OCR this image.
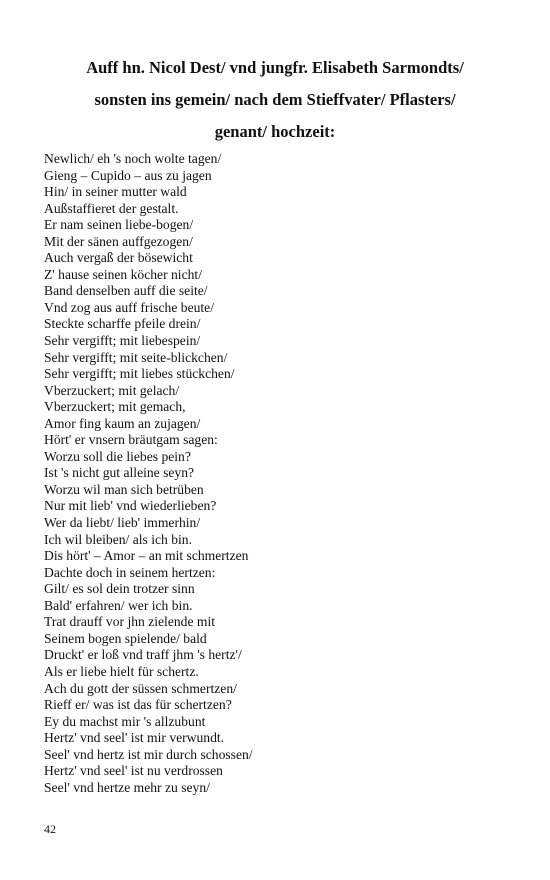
Auff hn. Nicol Dest/ vnd jungfr. Elisabeth Sarmondts/
sonsten ins gemein/ nach dem Stieffvater/ Pflasters/
genant/ hochzeit:
Newlich/ eh 's noch wolte tagen/
Gieng – Cupido – aus zu jagen
Hin/ in seiner mutter wald
Außstaffieret der gestalt.
Er nam seinen liebe-bogen/
Mit der sänen auffgezogen/
Auch vergaß der bösewicht
Z' hause seinen köcher nicht/
Band denselben auff die seite/
Vnd zog aus auff frische beute/
Steckte scharffe pfeile drein/
Sehr vergifft; mit liebespein/
Sehr vergifft; mit seite-blickchen/
Sehr vergifft; mit liebes stückchen/
Vberzuckert; mit gelach/
Vberzuckert; mit gemach,
Amor fing kaum an zujagen/
Hört' er vnsern bräutgam sagen:
Worzu soll die liebes pein?
Ist 's nicht gut alleine seyn?
Worzu wil man sich betrüben
Nur mit lieb' vnd wiederlieben?
Wer da liebt/ lieb' immerhin/
Ich wil bleiben/ als ich bin.
Dis hört' – Amor – an mit schmertzen
Dachte doch in seinem hertzen:
Gilt/ es sol dein trotzer sinn
Bald' erfahren/ wer ich bin.
Trat drauff vor jhn zielende mit
Seinem bogen spielende/ bald
Druckt' er loß vnd traff jhm 's hertz'/
Als er liebe hielt für schertz.
Ach du gott der süssen schmertzen/
Rieff er/ was ist das für schertzen?
Ey du machst mir 's allzubunt
Hertz' vnd seel' ist mir verwundt.
Seel' vnd hertz ist mir durch schossen/
Hertz' vnd seel' ist nu verdrossen
Seel' vnd hertze mehr zu seyn/
42
